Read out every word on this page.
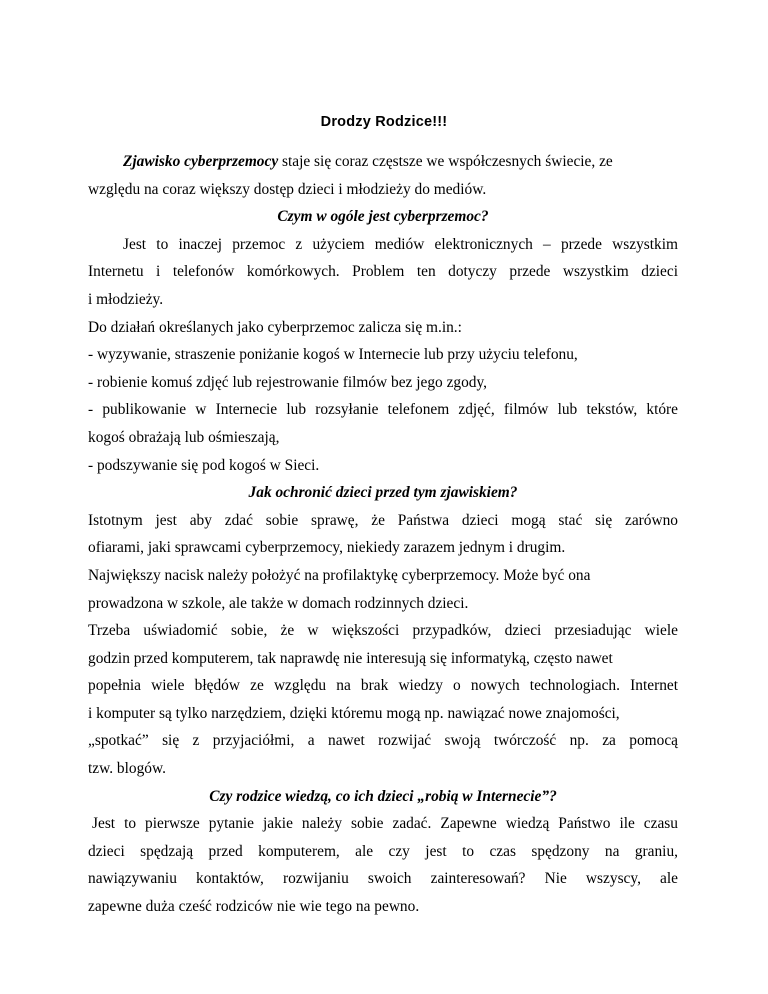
Drodzy Rodzice!!!
Zjawisko cyberprzemocy staje się coraz częstsze we współczesnych świecie, ze
względu na coraz większy dostęp dzieci i młodzieży do mediów.
Czym w ogóle jest cyberprzemoc?
Jest to inaczej przemoc z użyciem mediów elektronicznych – przede wszystkim
Internetu i telefonów komórkowych. Problem ten dotyczy przede wszystkim dzieci
i młodzieży.
Do działań określanych jako cyberprzemoc zalicza się m.in.:
- wyzywanie, straszenie poniżanie kogoś w Internecie lub przy użyciu telefonu,
- robienie komuś zdjęć lub rejestrowanie filmów bez jego zgody,
- publikowanie w Internecie lub rozsyłanie telefonem zdjęć, filmów lub tekstów, które
kogoś obrażają lub ośmieszają,
- podszywanie się pod kogoś w Sieci.
Jak ochronić dzieci przed tym zjawiskiem?
Istotnym jest aby zdać sobie sprawę, że Państwa dzieci mogą stać się zarówno
ofiarami, jaki sprawcami cyberprzemocy, niekiedy zarazem jednym i drugim.
Największy nacisk należy położyć na profilaktykę cyberprzemocy. Może być ona
prowadzona w szkole, ale także w domach rodzinnych dzieci.
Trzeba uświadomić sobie, że w większości przypadków, dzieci przesiadując wiele
godzin przed komputerem, tak naprawdę nie interesują się informatyką, często nawet
popełnia wiele błędów ze względu na brak wiedzy o nowych technologiach. Internet
i komputer są tylko narzędziem, dzięki któremu mogą np. nawiązać nowe znajomości,
„spotkać” się z przyjaciółmi, a nawet rozwijać swoją twórczość np. za pomocą
tzw. blogów.
Czy rodzice wiedzą, co ich dzieci „robią w Internecie”?
Jest to pierwsze pytanie jakie należy sobie zadać. Zapewne wiedzą Państwo ile czasu
dzieci spędzają przed komputerem, ale czy jest to czas spędzony na graniu,
nawiązywaniu kontaktów, rozwijaniu swoich zainteresowań? Nie wszyscy, ale
zapewne duża cześć rodziców nie wie tego na pewno.
